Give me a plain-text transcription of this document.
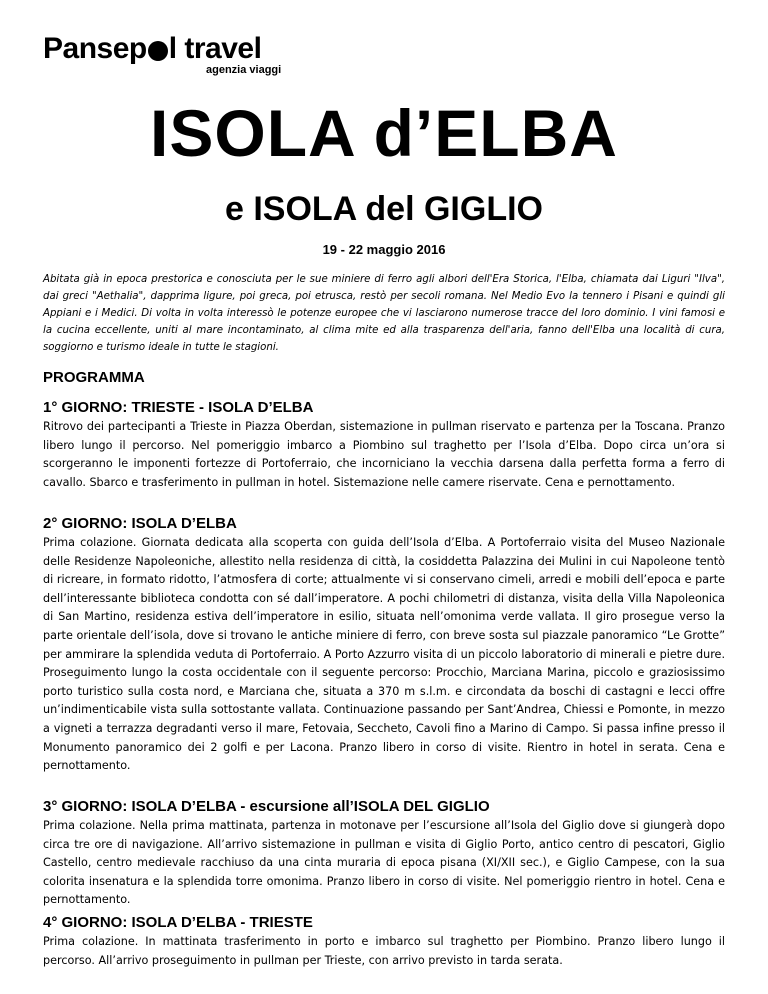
Pansep l travel
agenzia viaggi
ISOLA d’ELBA
e ISOLA del GIGLIO
19 - 22 maggio 2016

Abitata già in epoca prestorica e conosciuta per le sue miniere di ferro agli albori dell'Era Storica, l'Elba, chiamata dai Liguri "Ilva", dai greci "Aethalia", dapprima ligure, poi greca, poi etrusca, restò per secoli romana. Nel Medio Evo la tennero i Pisani e quindi gli Appiani e i Medici. Di volta in volta interessò le potenze europee che vi lasciarono numerose tracce del loro dominio. I vini famosi e la cucina eccellente, uniti al mare incontaminato, al clima mite ed alla trasparenza dell'aria, fanno dell'Elba una località di cura, soggiorno e turismo ideale in tutte le stagioni.

PROGRAMMA
1° GIORNO: TRIESTE - ISOLA D’ELBA

Ritrovo dei partecipanti a Trieste in Piazza Oberdan, sistemazione in pullman riservato e partenza per la Toscana. Pranzo libero lungo il percorso. Nel pomeriggio imbarco a Piombino sul traghetto per l’Isola d’Elba. Dopo circa un’ora si scorgeranno le imponenti fortezze di Portoferraio, che incorniciano la vecchia darsena dalla perfetta forma a ferro di cavallo. Sbarco e trasferimento in pullman in hotel. Sistemazione nelle camere riservate. Cena e pernottamento.

2° GIORNO: ISOLA D’ELBA

Prima colazione. Giornata dedicata alla scoperta con guida dell’Isola d’Elba. A Portoferraio visita del Museo Nazionale delle Residenze Napoleoniche, allestito nella residenza di città, la cosiddetta Palazzina dei Mulini in cui Napoleone tentò di ricreare, in formato ridotto, l’atmosfera di corte; attualmente vi si conservano cimeli, arredi e mobili dell’epoca e parte dell’interessante biblioteca condotta con sé dall’imperatore. A pochi chilometri di distanza, visita della Villa Napoleonica di San Martino, residenza estiva dell’imperatore in esilio, situata nell’omonima verde vallata. Il giro prosegue verso la parte orientale dell’isola, dove si trovano le antiche miniere di ferro, con breve sosta sul piazzale panoramico “Le Grotte” per ammirare la splendida veduta di Portoferraio. A Porto Azzurro visita di un piccolo laboratorio di minerali e pietre dure. Proseguimento lungo la costa occidentale con il seguente percorso: Procchio, Marciana Marina, piccolo e graziosissimo porto turistico sulla costa nord, e Marciana che, situata a 370 m s.l.m. e circondata da boschi di castagni e lecci offre un’indimenticabile vista sulla sottostante vallata. Continuazione passando per Sant’Andrea, Chiessi e Pomonte, in mezzo a vigneti a terrazza degradanti verso il mare, Fetovaia, Seccheto, Cavoli fino a Marino di Campo. Si passa infine presso il Monumento panoramico dei 2 golfi e per Lacona. Pranzo libero in corso di visite. Rientro in hotel in serata. Cena e pernottamento.

3° GIORNO: ISOLA D’ELBA - escursione all’ISOLA DEL GIGLIO

Prima colazione. Nella prima mattinata, partenza in motonave per l’escursione all’Isola del Giglio dove si giungerà dopo circa tre ore di navigazione. All’arrivo sistemazione in pullman e visita di Giglio Porto, antico centro di pescatori, Giglio Castello, centro medievale racchiuso da una cinta muraria di epoca pisana (XI/XII sec.), e Giglio Campese, con la sua colorita insenatura e la splendida torre omonima. Pranzo libero in corso di visite. Nel pomeriggio rientro in hotel. Cena e pernottamento.

4° GIORNO: ISOLA D’ELBA - TRIESTE

Prima colazione. In mattinata trasferimento in porto e imbarco sul traghetto per Piombino. Pranzo libero lungo il percorso. All’arrivo proseguimento in pullman per Trieste, con arrivo previsto in tarda serata.
